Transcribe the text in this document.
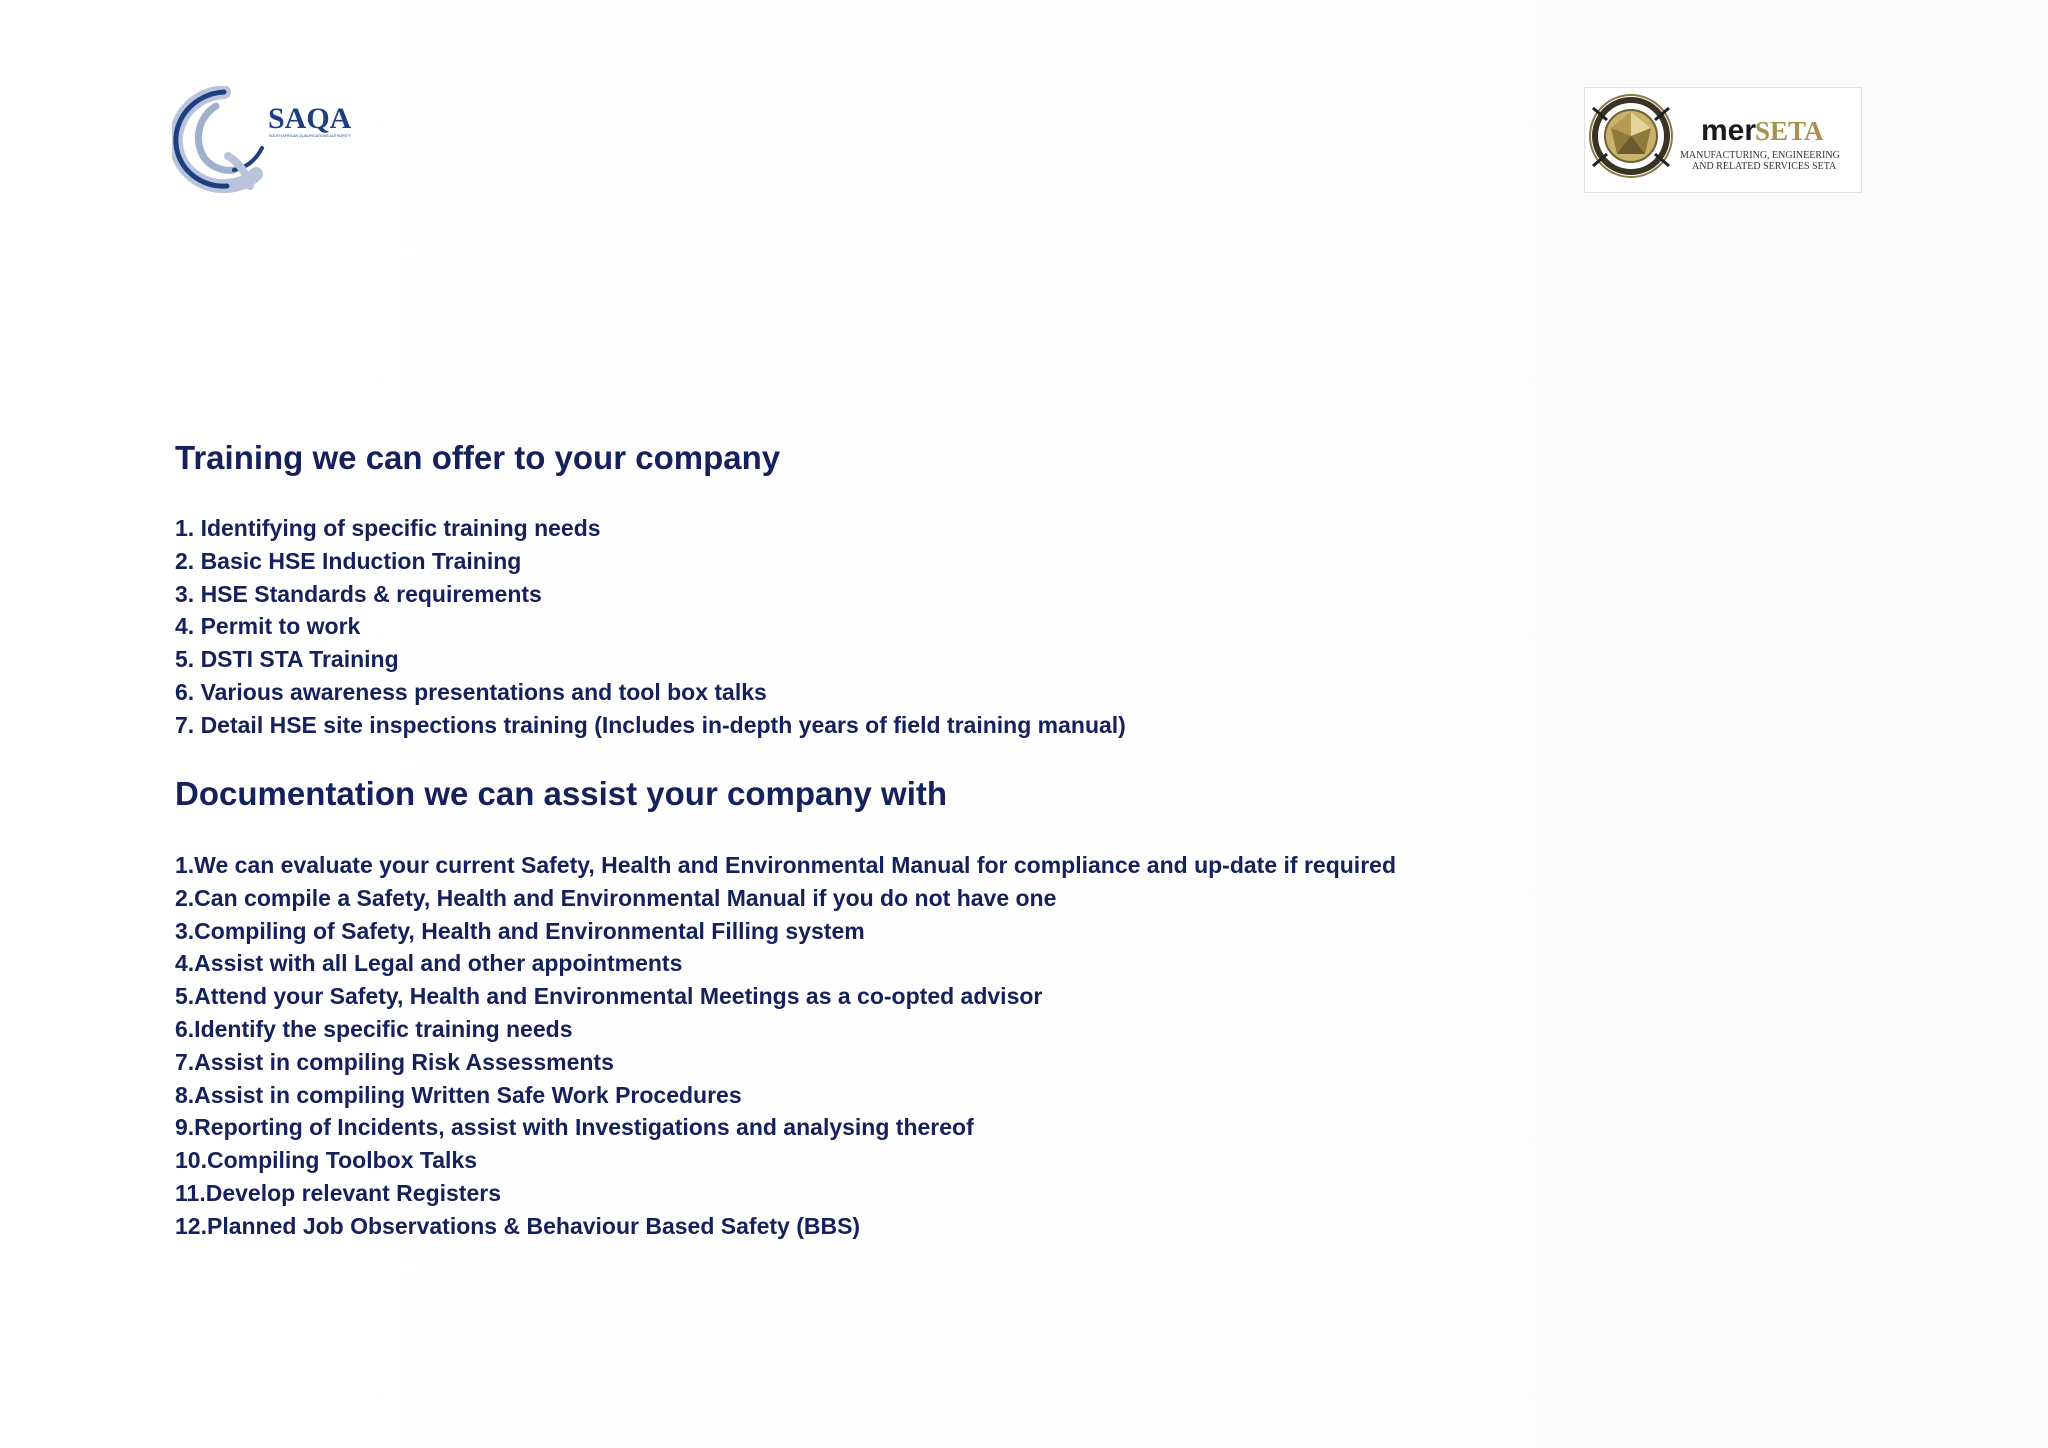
SAQA
SOUTH AFRICAN QUALIFICATIONS AUTHORITY	mer
SETA
MANUFACTURING, ENGINEERING
AND RELATED SERVICES SETA
Training we can offer to your company
1. Identifying of specific training needs
2. Basic HSE Induction Training
3. HSE Standards & requirements
4. Permit to work
5. DSTI STA Training
6. Various awareness presentations and tool box talks
7. Detail HSE site inspections training (Includes in-depth years of field training manual)
Documentation we can assist your company with
1.We can evaluate your current Safety, Health and Environmental Manual for compliance and up-date if required
2.Can compile a Safety, Health and Environmental Manual if you do not have one
3.Compiling of Safety, Health and Environmental Filling system
4.Assist with all Legal and other appointments
5.Attend your Safety, Health and Environmental Meetings as a co-opted advisor
6.Identify the specific training needs
7.Assist in compiling Risk Assessments
8.Assist in compiling Written Safe Work Procedures
9.Reporting of Incidents, assist with Investigations and analysing thereof
10.Compiling Toolbox Talks
11.Develop relevant Registers
12.Planned Job Observations & Behaviour Based Safety (BBS)
